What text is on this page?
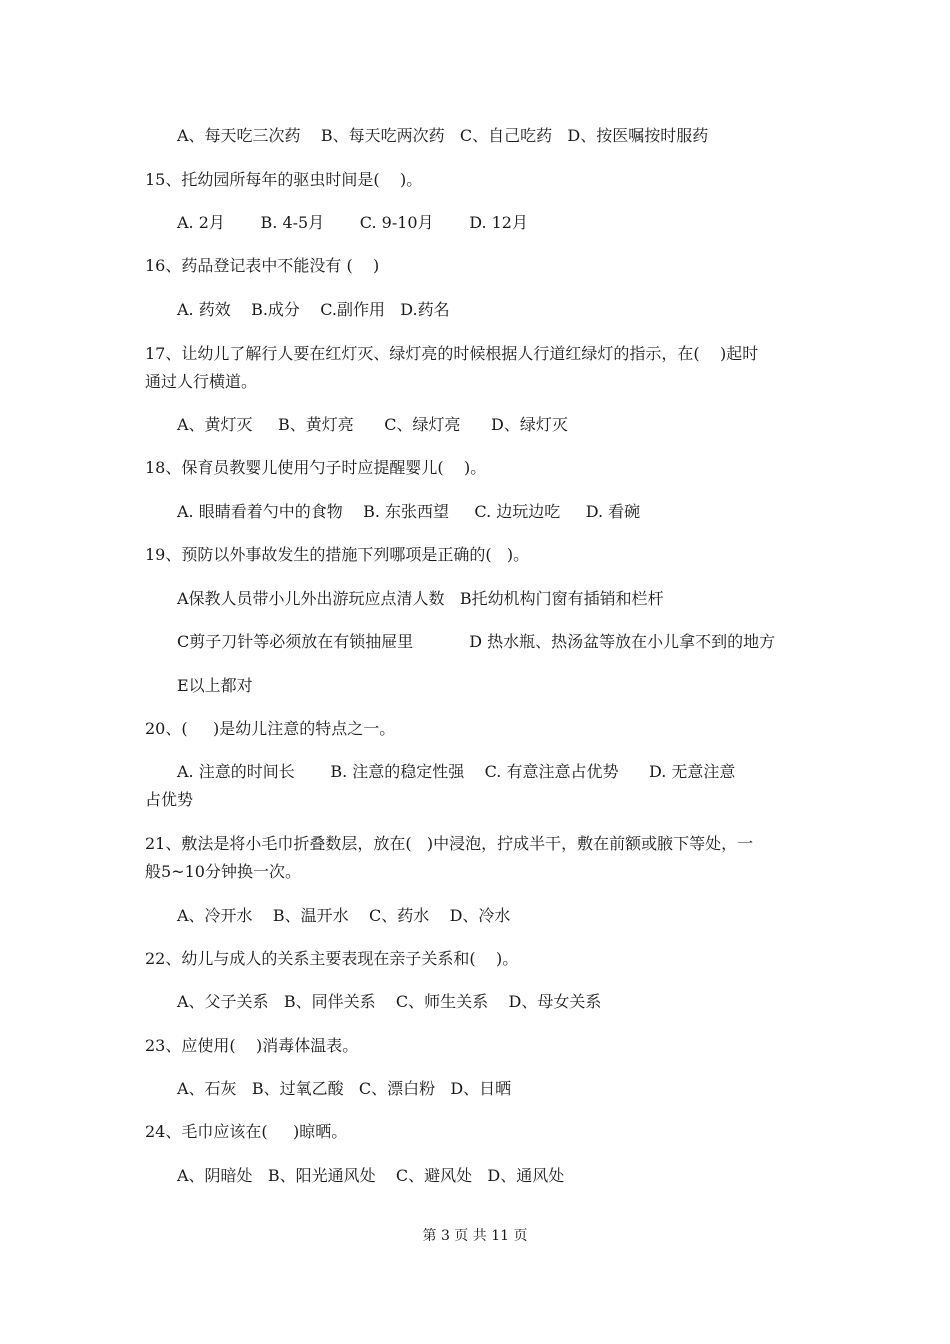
A、每天吃三次药    B、每天吃两次药   C、自己吃药   D、按医嘱按时服药
15、托幼园所每年的驱虫时间是(    )。
A. 2月       B. 4-5月       C. 9-10月       D. 12月
16、药品登记表中不能没有 (    )
A. 药效    B.成分    C.副作用   D.药名
17、让幼儿了解行人要在红灯灭、绿灯亮的时候根据人行道红绿灯的指示，在(    )起时
通过人行横道。
A、黄灯灭     B、黄灯亮      C、绿灯亮      D、绿灯灭
18、保育员教婴儿使用勺子时应提醒婴儿(    )。
A. 眼睛看着勺中的食物    B. 东张西望     C. 边玩边吃     D. 看碗
19、预防以外事故发生的措施下列哪项是正确的(   )。
A保教人员带小儿外出游玩应点清人数   B托幼机构门窗有插销和栏杆
C剪子刀针等必须放在有锁抽屉里           D 热水瓶、热汤盆等放在小儿拿不到的地方
E以上都对
20、(     )是幼儿注意的特点之一。
A. 注意的时间长       B. 注意的稳定性强    C. 有意注意占优势      D. 无意注意
占优势
21、敷法是将小毛巾折叠数层，放在(   )中浸泡，拧成半干，敷在前额或腋下等处，一
般5~10分钟换一次。
A、冷开水    B、温开水    C、药水    D、冷水
22、幼儿与成人的关系主要表现在亲子关系和(    )。
A、父子关系   B、同伴关系    C、师生关系    D、母女关系
23、应使用(    )消毒体温表。
A、石灰   B、过氧乙酸   C、漂白粉   D、日晒
24、毛巾应该在(     )晾晒。
A、阴暗处   B、阳光通风处    C、避风处   D、通风处
第 3 页 共 11 页
